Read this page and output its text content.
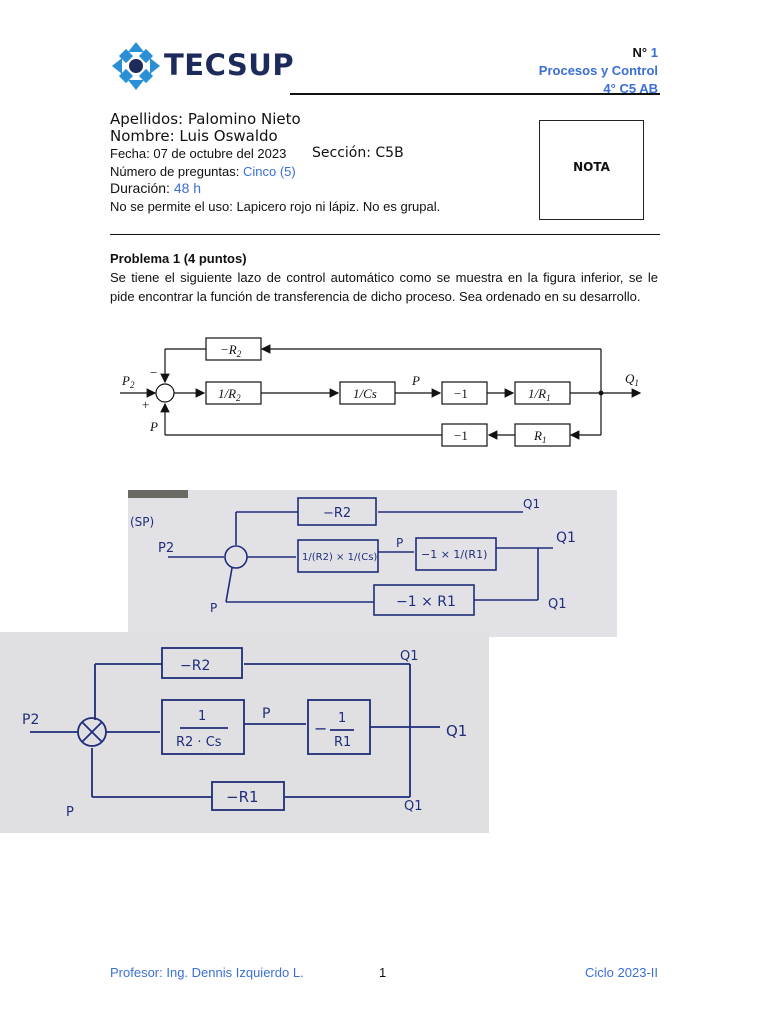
TECSUP	N° 1
Procesos y Control
4° C5 AB
Apellidos: Palomino Nieto
Nombre: Luis Oswaldo
Fecha: 07 de octubre del 2023 Sección: C5B
Número de preguntas: Cinco (5)
Duración: 48 h
No se permite el uso: Lapicero rojo ni lápiz. No es grupal.
NOTA
Problema 1 (4 puntos)
Se tiene el siguiente lazo de control automático como se muestra en la figura inferior, se le pide encontrar la función de transferencia de dicho proceso. Sea ordenado en su desarrollo.
$P_2$
−
+
P
P	$Q_1$
$-R_2$
$1/R_2$	1/Cs	−1	$1/R_1$
−1	$R_1$
(SP)
P2
−R2
Q1
1/(R2) × 1/(Cs)
P
−1 × 1/(R1)
Q1
−1 × R1	Q1
P
P2
−R2
Q1
1
R2 · Cs
P
−
1
R1
Q1
−R1
Q1
P
Profesor: Ing. Dennis Izquierdo L.	1	Ciclo 2023-II
